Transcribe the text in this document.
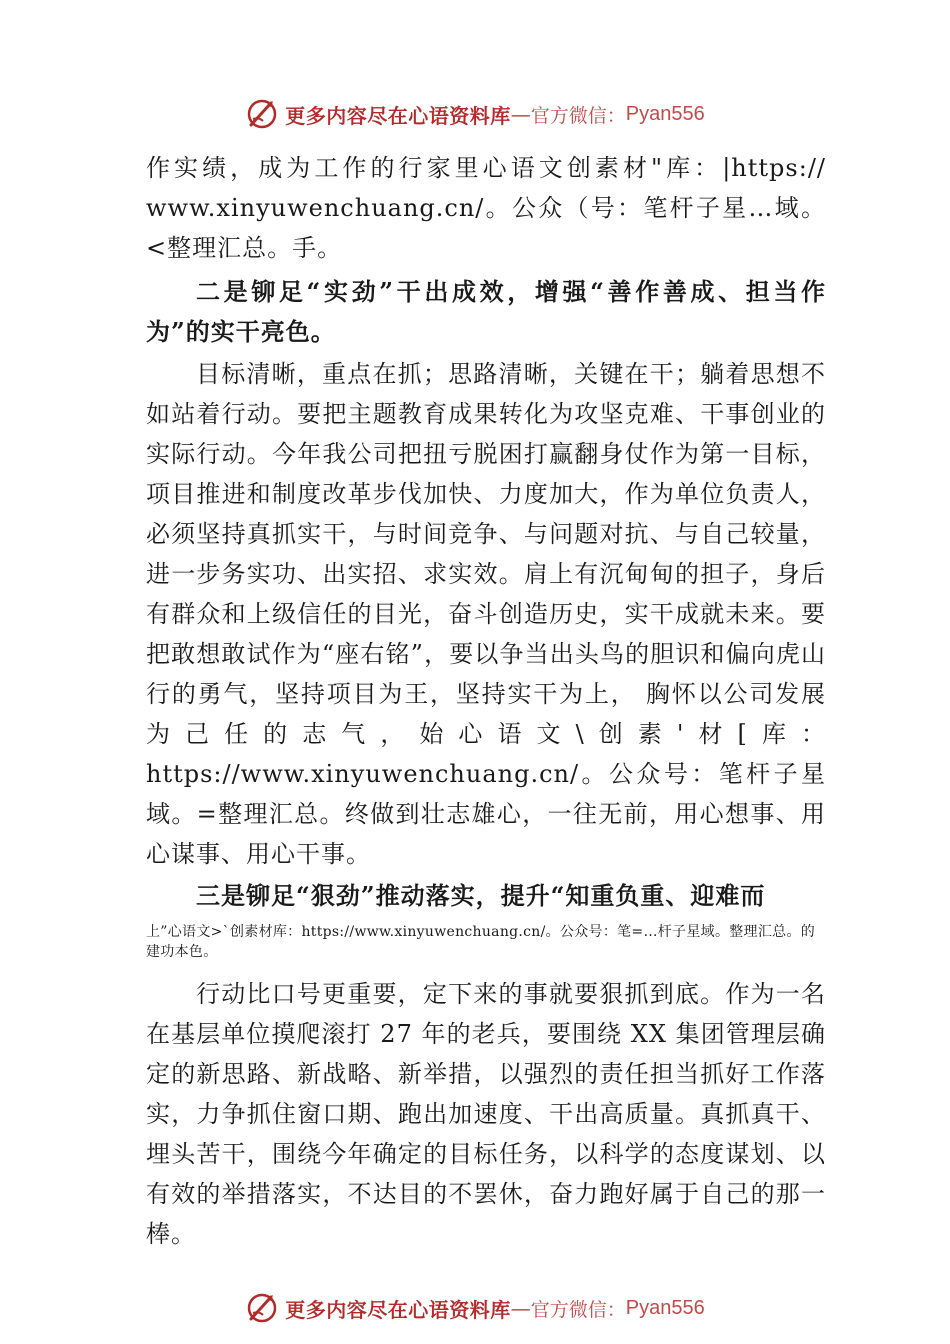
更多内容尽在心语资料库 — 官方微信： Pyan556

作实绩，成为工作的行家里心语文创素材"库：|https:// www.xinyuwenchuang.cn/。公众（号：笔杆子星…域。<整理汇总。手。

二是铆足“实劲”干出成效，增强“善作善成、担当作为”的实干亮色。

目标清晰，重点在抓；思路清晰，关键在干；躺着思想不如站着行动。要把主题教育成果转化为攻坚克难、干事创业的实际行动。今年我公司把扭亏脱困打赢翻身仗作为第一目标，项目推进和制度改革步伐加快、力度加大，作为单位负责人，必须坚持真抓实干，与时间竞争、与问题对抗、与自己较量，进一步务实功、出实招、求实效。肩上有沉甸甸的担子，身后有群众和上级信任的目光，奋斗创造历史，实干成就未来。要把敢想敢试作为“座右铭”，要以争当出头鸟的胆识和偏向虎山行的勇气，坚持项目为王，坚持实干为上， 胸怀以公司发展为己任的志气，始心语文\创素'材[库：https://www.xinyuwenchuang.cn/。公众号：笔杆子星域。=整理汇总。终做到壮志雄心，一往无前，用心想事、用心谋事、用心干事。

三是铆足“狠劲”推动落实，提升“知重负重、迎难而

上”心语文>`创素材库：https://www.xinyuwenchuang.cn/。公众号：笔=…杆子星域。整理汇总。的建功本色。

行动比口号更重要，定下来的事就要狠抓到底。作为一名在基层单位摸爬滚打 27 年的老兵，要围绕 XX 集团管理层确定的新思路、新战略、新举措，以强烈的责任担当抓好工作落实，力争抓住窗口期、跑出加速度、干出高质量。真抓真干、埋头苦干，围绕今年确定的目标任务，以科学的态度谋划、以有效的举措落实，不达目的不罢休，奋力跑好属于自己的那一棒。

更多内容尽在心语资料库 — 官方微信： Pyan556
